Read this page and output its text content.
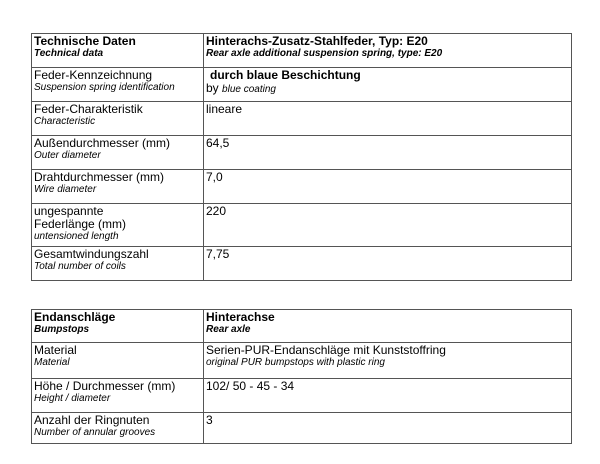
Technische Daten
Technical data	Hinterachs-Zusatz-Stahlfeder, Typ: E20
Rear axle additional suspension spring, type: E20

Feder-Kennzeichnung
Suspension spring identification	durch blaue Beschichtung
by blue coating

Feder-Charakteristik
Characteristic	lineare

Außendurchmesser (mm)
Outer diameter	64,5

Drahtdurchmesser (mm)
Wire diameter	7,0

ungespannte Federlänge (mm)
untensioned length	220

Gesamtwindungszahl
Total number of coils	7,75
Endanschläge
Bumpstops	Hinterachse
Rear axle

Material
Material	Serien-PUR-Endanschläge mit Kunststoffring
original PUR bumpstops with plastic ring

Höhe / Durchmesser (mm)
Height / diameter	102/ 50 - 45 - 34

Anzahl der Ringnuten
Number of annular grooves	3
